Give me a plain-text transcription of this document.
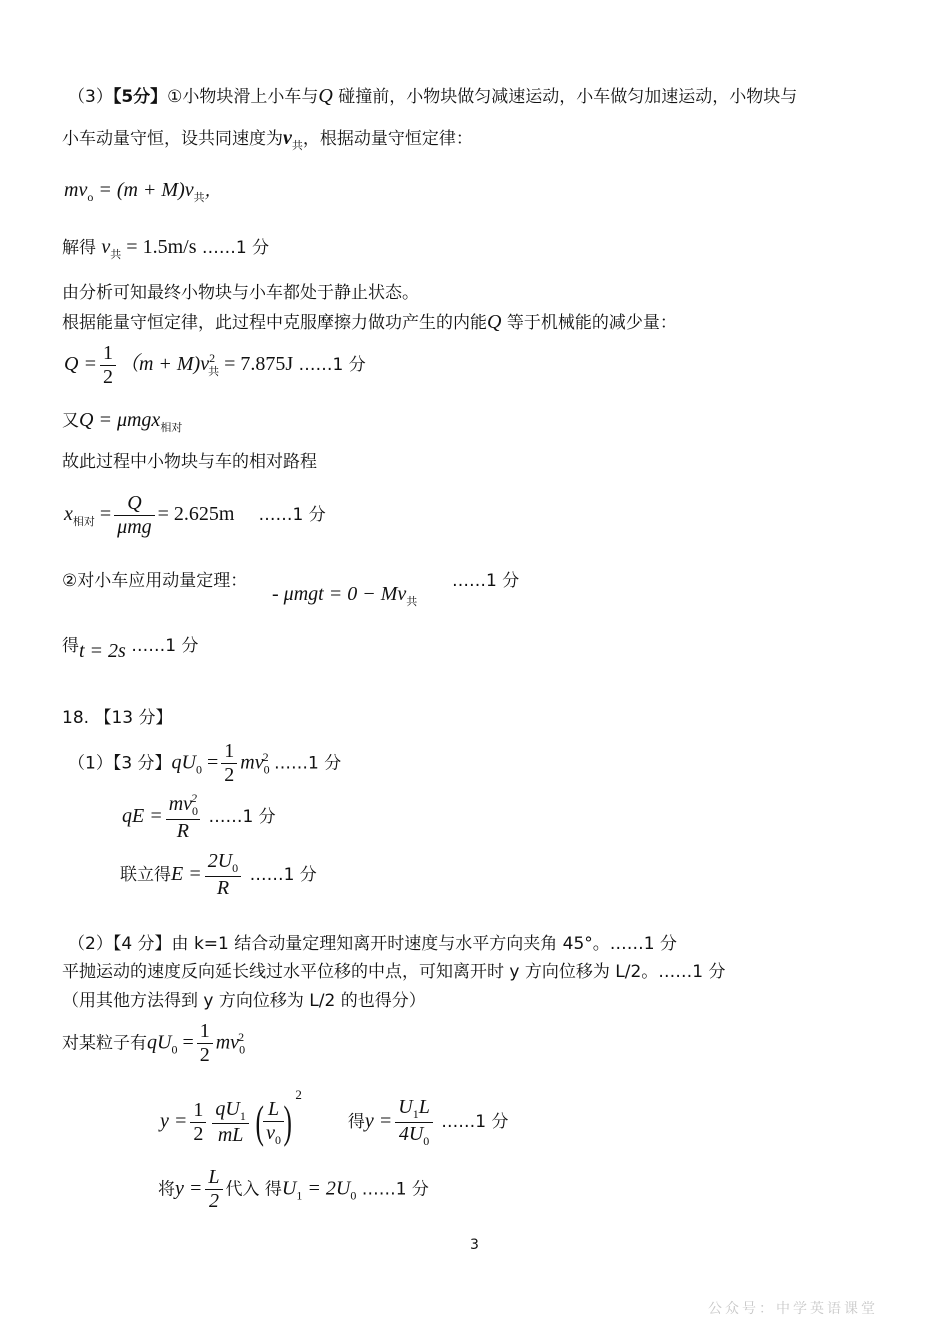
（3）【5分】①小物块滑上小车与Q 碰撞前，小物块做匀减速运动，小车做匀加速运动，小物块与
小车动量守恒，设共同速度为$v_共$，根据动量守恒定律：
$mv_o = (m + M)v_共$，
解得 $v_共 = 1.5m/s$ ……1 分
由分析可知最终小物块与小车都处于静止状态。
根据能量守恒定律，此过程中克服摩擦力做功产生的内能Q 等于机械能的减少量：
$Q = \frac{1}{2} (m + M)v^2_共 = 7.875J$ ……1 分
又Q = μmgx$_{相对}$
故此过程中小物块与车的相对路程
$x_{相对} = \frac{Q}{\text{μmg}} = 2.625m$ ……1 分
②对小车应用动量定理：
- $\mu mgt = 0 - Mv_共$
……1 分
得t = 2s ……1 分
18. 【13 分】
（1）【3 分】$qU_0 = \frac{1}{2} mv_0^2$ ……1 分
qE = $\frac{mv_0^2}{R}$ ……1 分
联立得$E = \frac{2U_0}{R}$ ……1 分
（2）【4 分】由 k=1 结合动量定理知离开时速度与水平方向夹角 45°。……1 分
平抛运动的速度反向延长线过水平位移的中点，可知离开时 y 方向位移为 L/2。……1 分
（用其他方法得到 y 方向位移为 L/2 的也得分）
对某粒子有$qU_0 = \frac{1}{2} mv_0^2$
$y = \frac{1}{2} \frac{qU_1}{mL}$ ( $\frac{L}{v_0} )2$得$y = \frac{U_1L}{4U_0}$ ……1 分
将$y = \frac{L}{2}$ 代入 得$U_1 = 2U_0$ ……1 分
3
公众号：中学英语课堂
